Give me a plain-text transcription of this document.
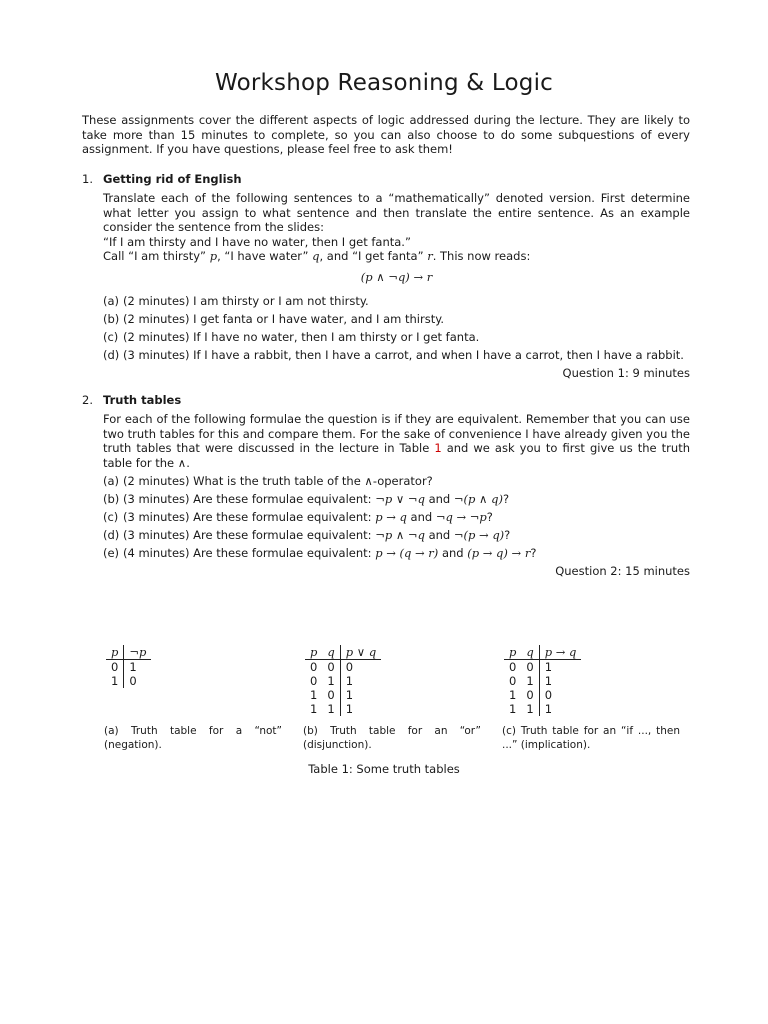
Workshop Reasoning & Logic
These assignments cover the different aspects of logic addressed during the lecture. They are likely to take more than 15 minutes to complete, so you can also choose to do some subquestions of every assignment. If you have questions, please feel free to ask them!
1. Getting rid of English
Translate each of the following sentences to a “mathematically” denoted version. First determine what letter you assign to what sentence and then translate the entire sentence. As an example consider the sentence from the slides:
“If I am thirsty and I have no water, then I get fanta.”
Call “I am thirsty” p, “I have water” q, and “I get fanta” r. This now reads:
(p ∧ ¬q) → r
(a) (2 minutes) I am thirsty or I am not thirsty.
(b) (2 minutes) I get fanta or I have water, and I am thirsty.
(c) (2 minutes) If I have no water, then I am thirsty or I get fanta.
(d) (3 minutes) If I have a rabbit, then I have a carrot, and when I have a carrot, then I have a rabbit.
Question 1: 9 minutes
2. Truth tables
For each of the following formulae the question is if they are equivalent. Remember that you can use two truth tables for this and compare them. For the sake of convenience I have already given you the truth tables that were discussed in the lecture in Table 1 and we ask you to first give us the truth table for the ∧.
(a) (2 minutes) What is the truth table of the ∧-operator?
(b) (3 minutes) Are these formulae equivalent: ¬p ∨ ¬q and ¬(p ∧ q)?
(c) (3 minutes) Are these formulae equivalent: p → q and ¬q → ¬p?
(d) (3 minutes) Are these formulae equivalent: ¬p ∧ ¬q and ¬(p → q)?
(e) (4 minutes) Are these formulae equivalent: p → (q → r) and (p → q) → r?
Question 2: 15 minutes
p	¬p
0	1
1	0
p	q	p ∨ q
0	0	0
0	1	1
1	0	1
1	1	1
p	q	p → q
0	0	1
0	1	1
1	0	0
1	1	1
(a) Truth table for a “not” (negation).
(b) Truth table for an “or” (disjunction).
(c) Truth table for an “if ..., then ...” (implication).
Table 1: Some truth tables
